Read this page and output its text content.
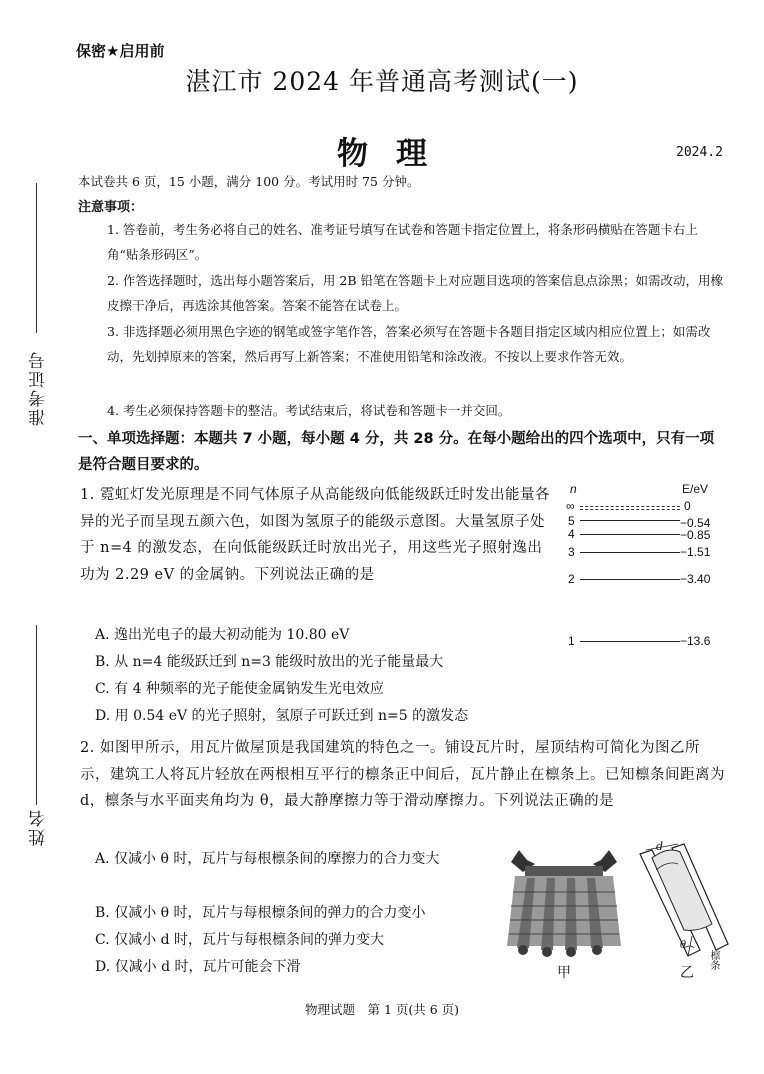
准考证号
姓名
保密★启用前
湛江市 2024 年普通高考测试(一)
物理	2024.2
本试卷共 6 页，15 小题，满分 100 分。考试用时 75 分钟。
注意事项：
1. 答卷前，考生务必将自己的姓名、准考证号填写在试卷和答题卡指定位置上，将条形码横贴在答题卡右上角“贴条形码区”。
2. 作答选择题时，选出每小题答案后，用 2B 铅笔在答题卡上对应题目选项的答案信息点涂黑；如需改动，用橡皮擦干净后，再选涂其他答案。答案不能答在试卷上。
3. 非选择题必须用黑色字迹的钢笔或签字笔作答，答案必须写在答题卡各题目指定区域内相应位置上；如需改动，先划掉原来的答案，然后再写上新答案；不准使用铅笔和涂改液。不按以上要求作答无效。
4. 考生必须保持答题卡的整洁。考试结束后，将试卷和答题卡一并交回。
一、单项选择题：本题共 7 小题，每小题 4 分，共 28 分。在每小题给出的四个选项中，只有一项是符合题目要求的。
1. 霓虹灯发光原理是不同气体原子从高能级向低能级跃迁时发出能量各异的光子而呈现五颜六色，如图为氢原子的能级示意图。大量氢原子处于 n=4 的激发态，在向低能级跃迁时放出光子，用这些光子照射逸出功为 2.29 eV 的金属钠。下列说法正确的是
A. 逸出光电子的最大初动能为 10.80 eV
B. 从 n=4 能级跃迁到 n=3 能级时放出的光子能量最大
C. 有 4 种频率的光子能使金属钠发生光电效应
D. 用 0.54 eV 的光子照射，氢原子可跃迁到 n=5 的激发态
n	E/eV
∞	0
5	−0.54
4	−0.85
3	−1.51
2	−3.40
1	−13.6
2. 如图甲所示，用瓦片做屋顶是我国建筑的特色之一。铺设瓦片时，屋顶结构可简化为图乙所示，建筑工人将瓦片轻放在两根相互平行的檩条正中间后，瓦片静止在檩条上。已知檩条间距离为 d，檩条与水平面夹角均为 θ，最大静摩擦力等于滑动摩擦力。下列说法正确的是
A. 仅减小 θ 时，瓦片与每根檩条间的摩擦力的合力变大
B. 仅减小 θ 时，瓦片与每根檩条间的弹力的合力变小
C. 仅减小 d 时，瓦片与每根檩条间的弹力变大
D. 仅减小 d 时，瓦片可能会下滑	甲
d
θ
檩条
乙
物理试题　第 1 页(共 6 页)
